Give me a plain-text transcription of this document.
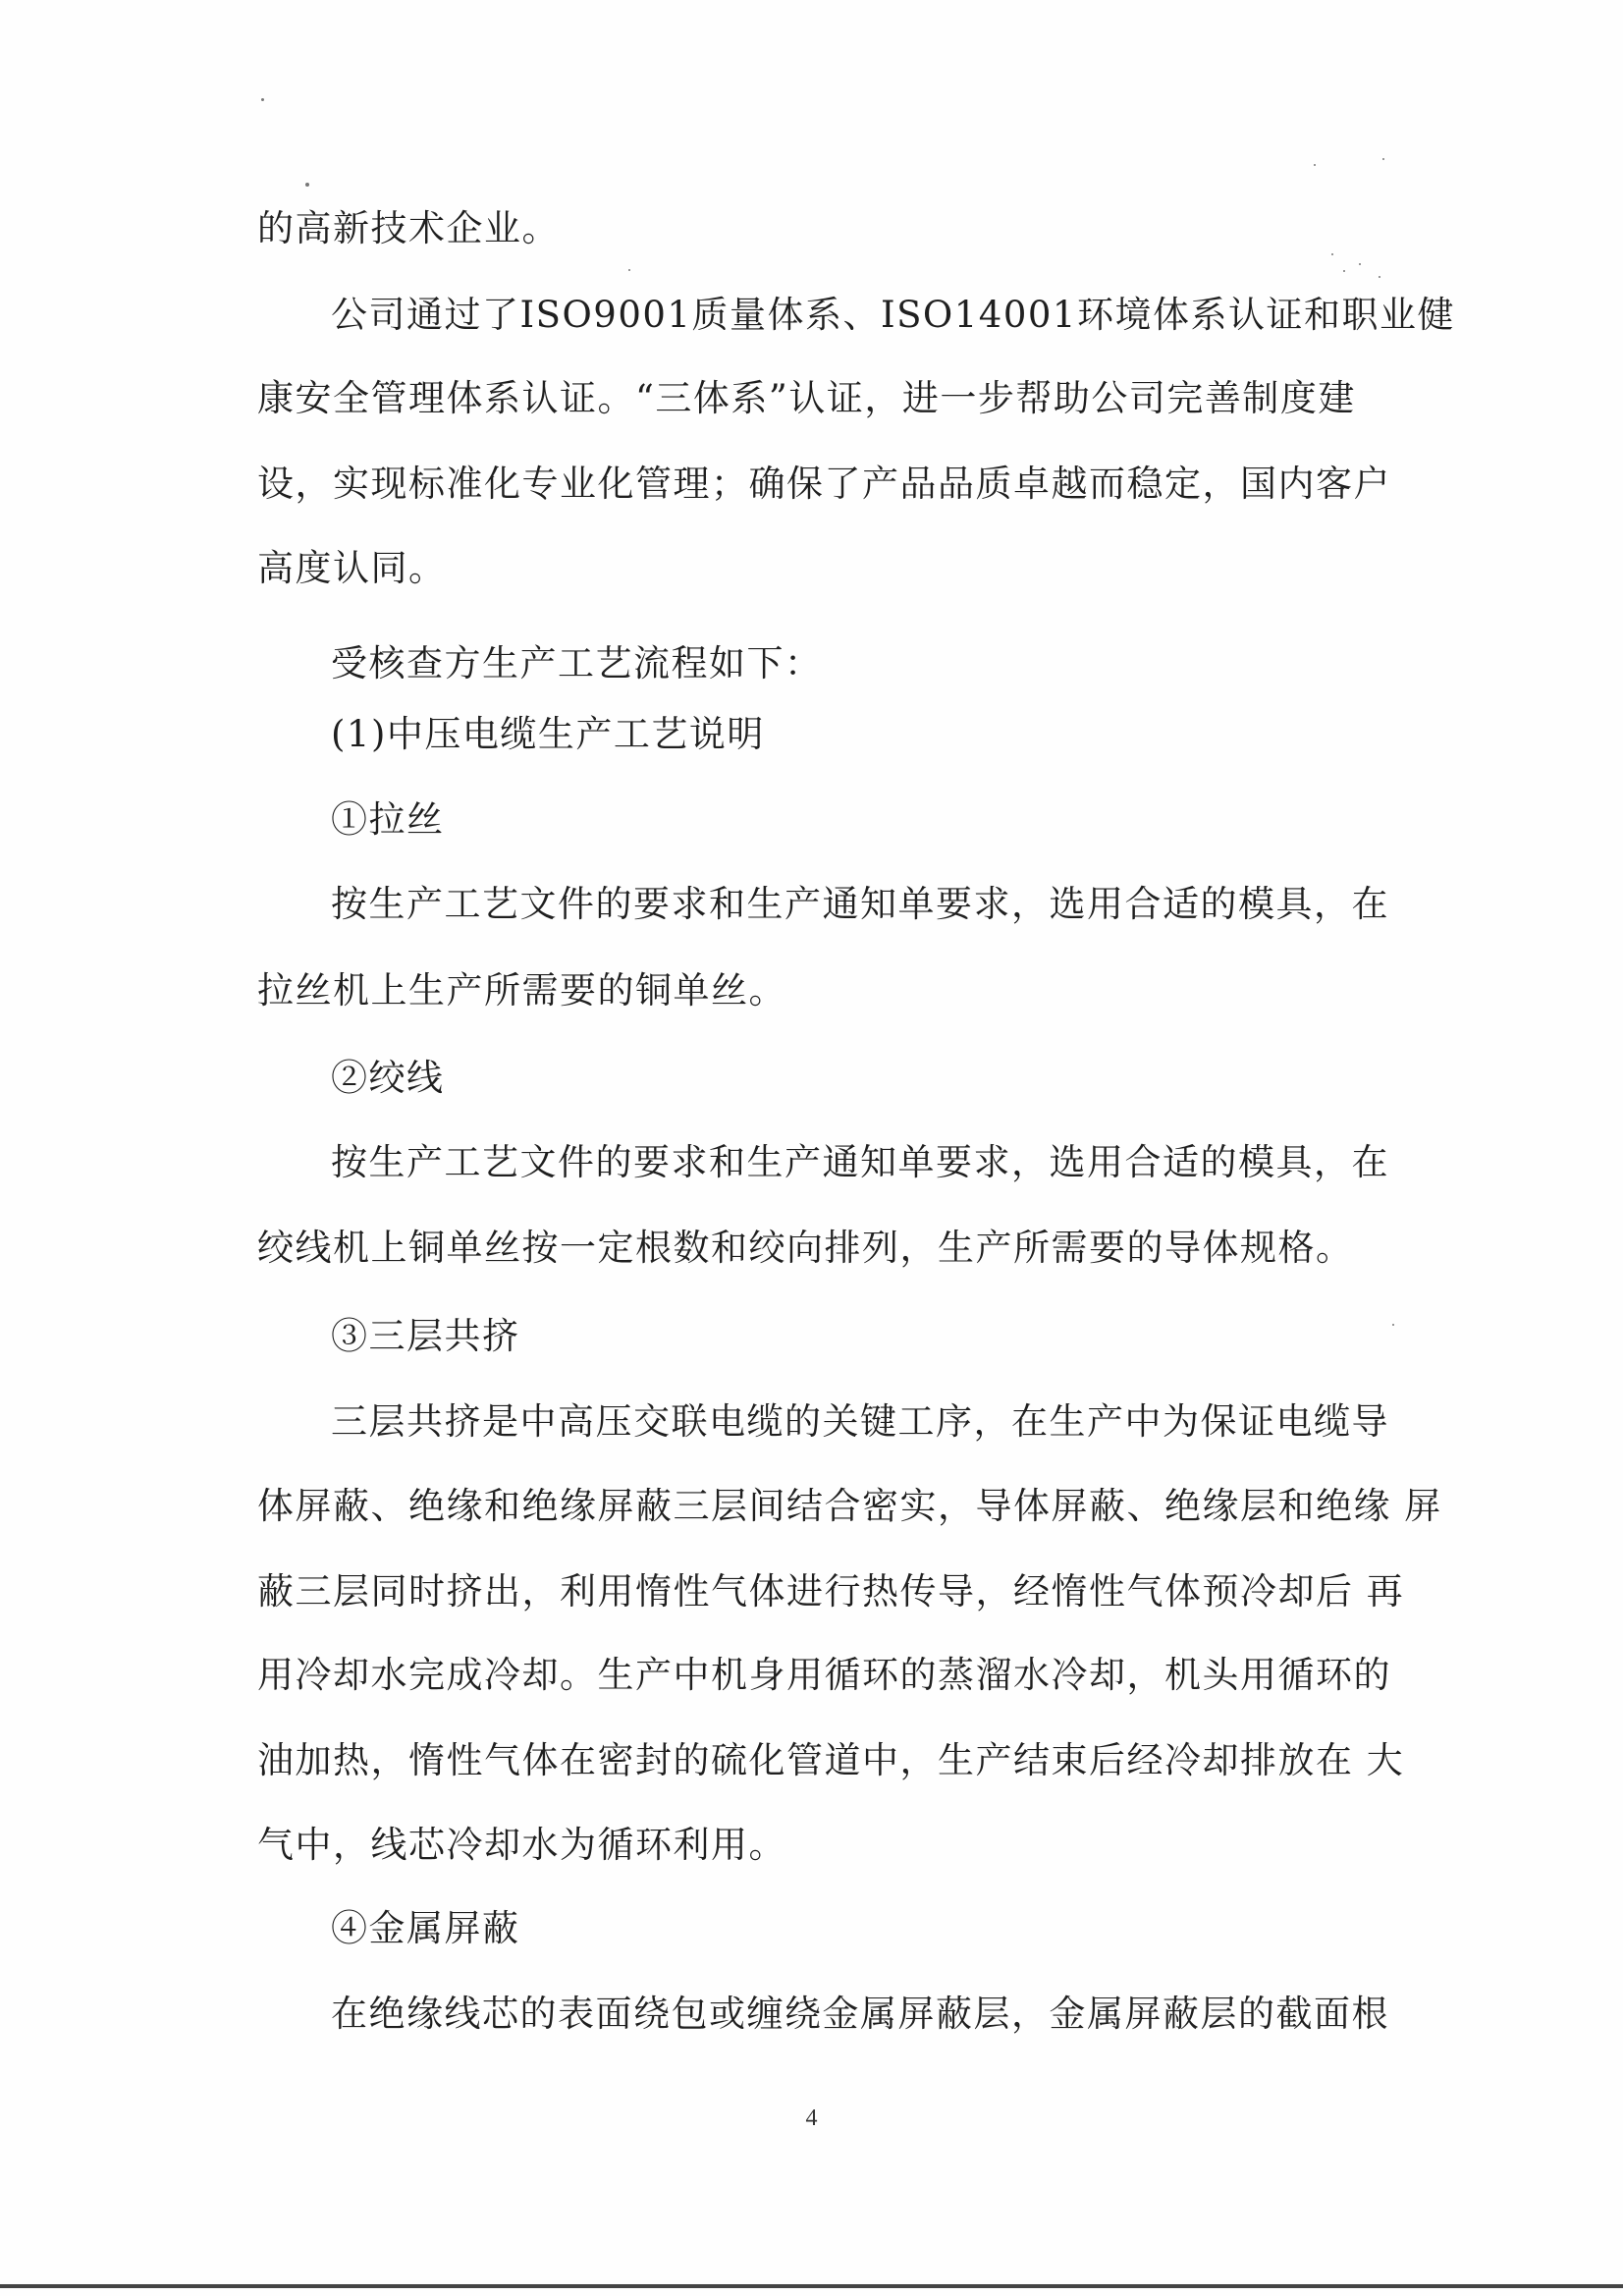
的高新技术企业。
公司通过了ISO9001质量体系、ISO14001环境体系认证和职业健
康安全管理体系认证。“三体系”认证，进一步帮助公司完善制度建
设，实现标准化专业化管理；确保了产品品质卓越而稳定，国内客户
高度认同。
受核查方生产工艺流程如下：
(1)中压电缆生产工艺说明
①拉丝
按生产工艺文件的要求和生产通知单要求，选用合适的模具，在
拉丝机上生产所需要的铜单丝。
②绞线
按生产工艺文件的要求和生产通知单要求，选用合适的模具，在
绞线机上铜单丝按一定根数和绞向排列，生产所需要的导体规格。
③三层共挤
三层共挤是中高压交联电缆的关键工序，在生产中为保证电缆导
体屏蔽、绝缘和绝缘屏蔽三层间结合密实，导体屏蔽、绝缘层和绝缘 屏
蔽三层同时挤出，利用惰性气体进行热传导，经惰性气体预冷却后 再
用冷却水完成冷却。生产中机身用循环的蒸溜水冷却，机头用循环的
油加热，惰性气体在密封的硫化管道中，生产结束后经冷却排放在 大
气中，线芯冷却水为循环利用。
④金属屏蔽
在绝缘线芯的表面绕包或缠绕金属屏蔽层，金属屏蔽层的截面根
4
